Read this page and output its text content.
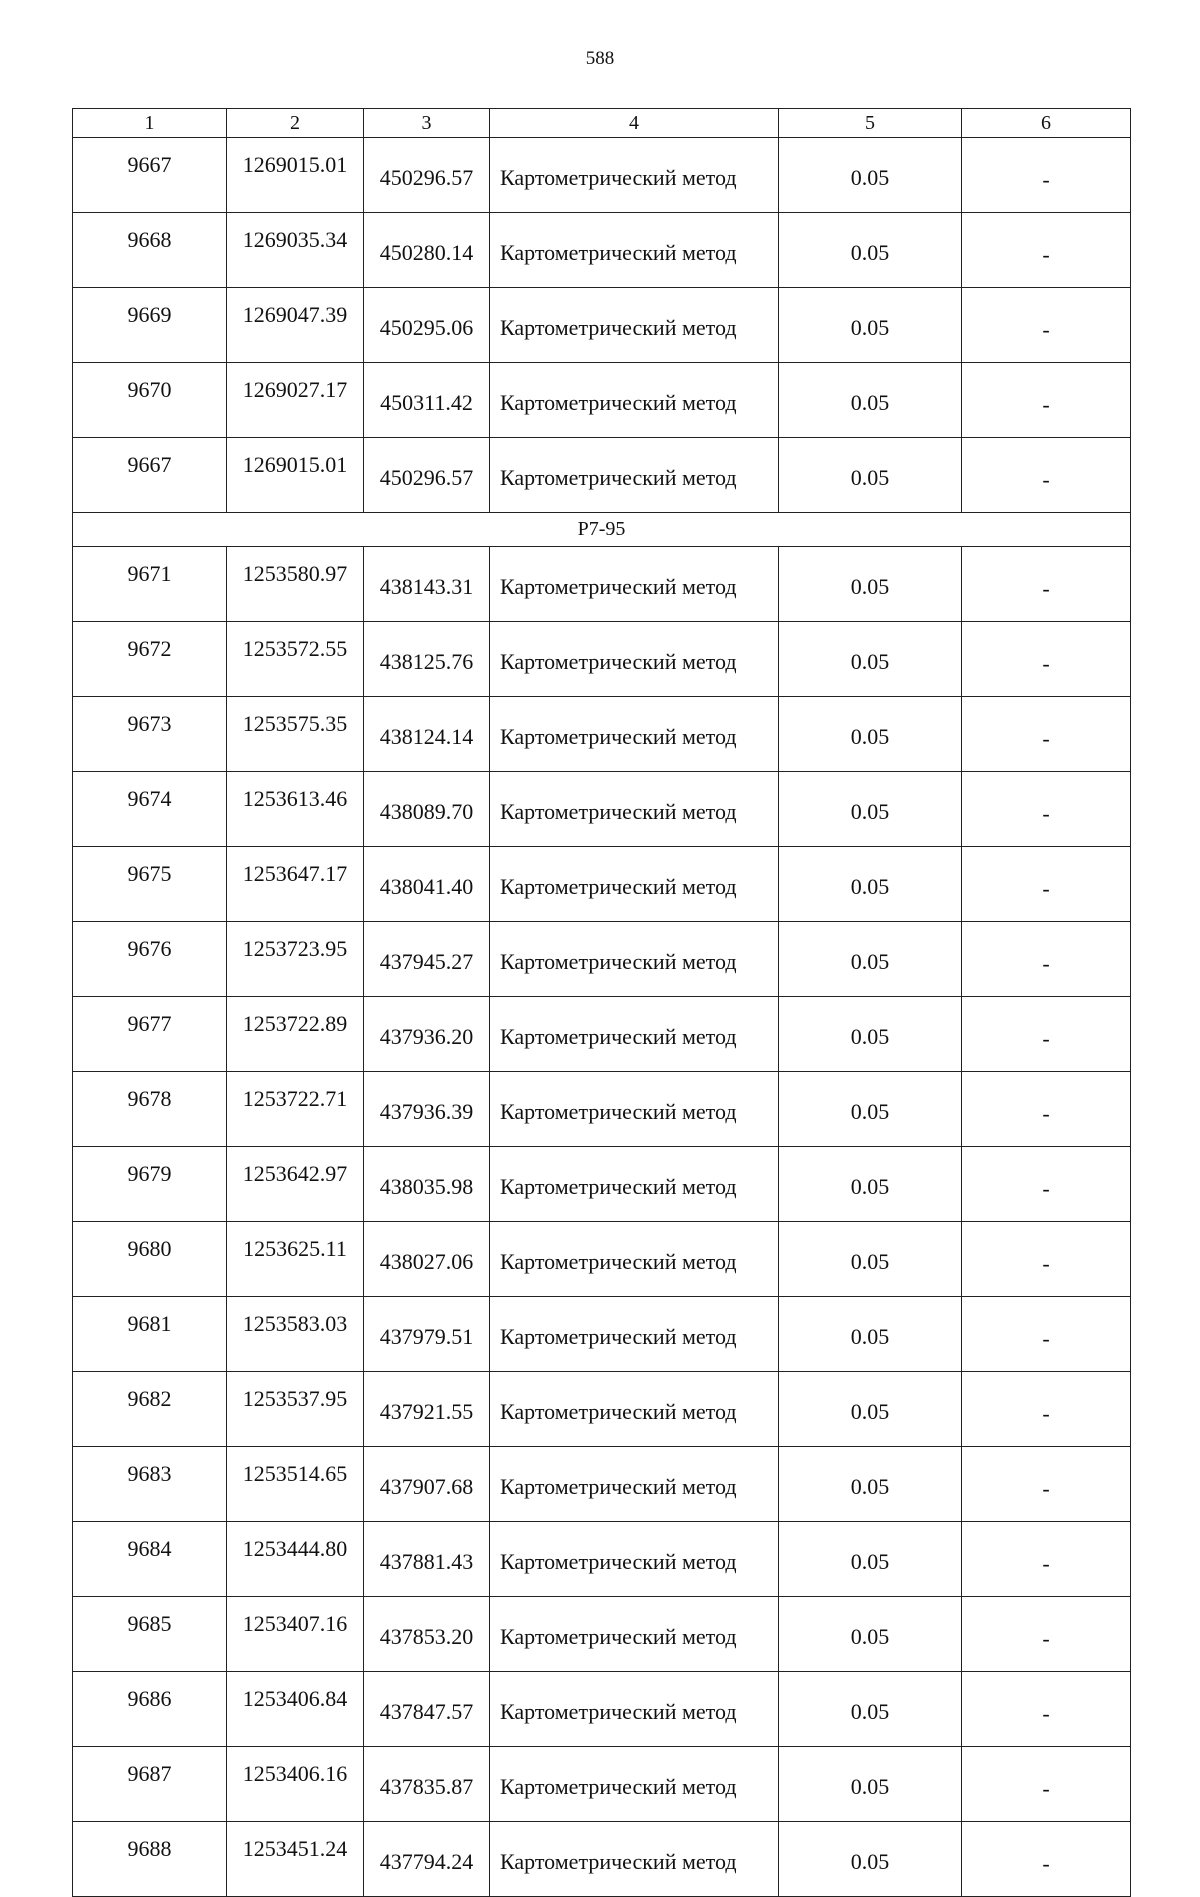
588
1	2	3	4	5	6
9667	1269015.01	450296.57	Картометрический метод	0.05	-
9668	1269035.34	450280.14	Картометрический метод	0.05	-
9669	1269047.39	450295.06	Картометрический метод	0.05	-
9670	1269027.17	450311.42	Картометрический метод	0.05	-
9667	1269015.01	450296.57	Картометрический метод	0.05	-
P7-95					
9671	1253580.97	438143.31	Картометрический метод	0.05	-
9672	1253572.55	438125.76	Картометрический метод	0.05	-
9673	1253575.35	438124.14	Картометрический метод	0.05	-
9674	1253613.46	438089.70	Картометрический метод	0.05	-
9675	1253647.17	438041.40	Картометрический метод	0.05	-
9676	1253723.95	437945.27	Картометрический метод	0.05	-
9677	1253722.89	437936.20	Картометрический метод	0.05	-
9678	1253722.71	437936.39	Картометрический метод	0.05	-
9679	1253642.97	438035.98	Картометрический метод	0.05	-
9680	1253625.11	438027.06	Картометрический метод	0.05	-
9681	1253583.03	437979.51	Картометрический метод	0.05	-
9682	1253537.95	437921.55	Картометрический метод	0.05	-
9683	1253514.65	437907.68	Картометрический метод	0.05	-
9684	1253444.80	437881.43	Картометрический метод	0.05	-
9685	1253407.16	437853.20	Картометрический метод	0.05	-
9686	1253406.84	437847.57	Картометрический метод	0.05	-
9687	1253406.16	437835.87	Картометрический метод	0.05	-
9688	1253451.24	437794.24	Картометрический метод	0.05	-
